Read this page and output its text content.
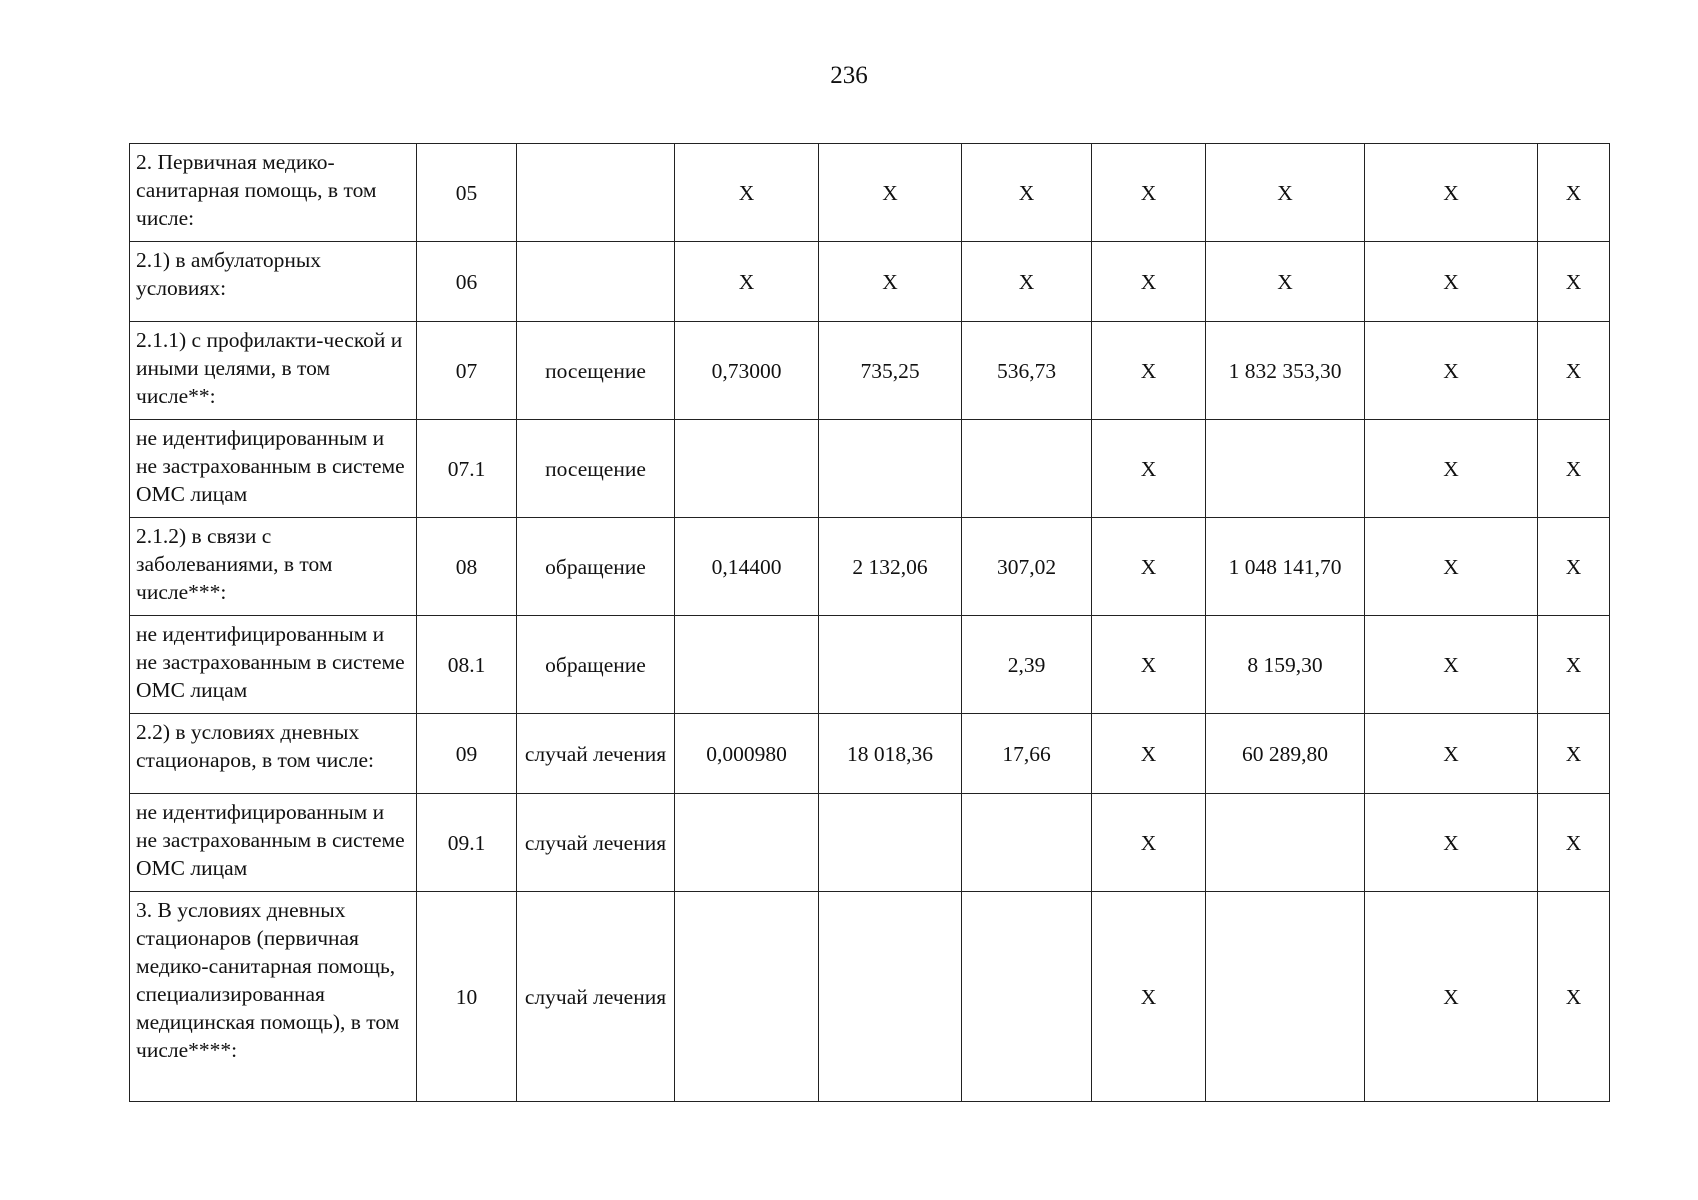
236
2. Первичная медико-санитарная помощь, в том числе:	05		X	X	X	X	X	X	X
2.1) в амбулаторных условиях:	06		X	X	X	X	X	X	X
2.1.1) с профилакти-ческой и иными целями, в том числе**:	07	посещение	0,73000	735,25	536,73	X	1 832 353,30	X	X
не идентифицированным и не застрахованным в системе ОМС лицам	07.1	посещение				X		X	X
2.1.2) в связи с заболеваниями, в том числе***:	08	обращение	0,14400	2 132,06	307,02	X	1 048 141,70	X	X
не идентифицированным и не застрахованным в системе ОМС лицам	08.1	обращение			2,39	X	8 159,30	X	X
2.2) в условиях дневных стационаров, в том числе:	09	случай лечения	0,000980	18 018,36	17,66	X	60 289,80	X	X
не идентифицированным и не застрахованным в системе ОМС лицам	09.1	случай лечения				X		X	X
3. В условиях дневных стационаров (первичная медико-санитарная помощь, специализированная медицинская помощь), в том числе****:	10	случай лечения				X		X	X
